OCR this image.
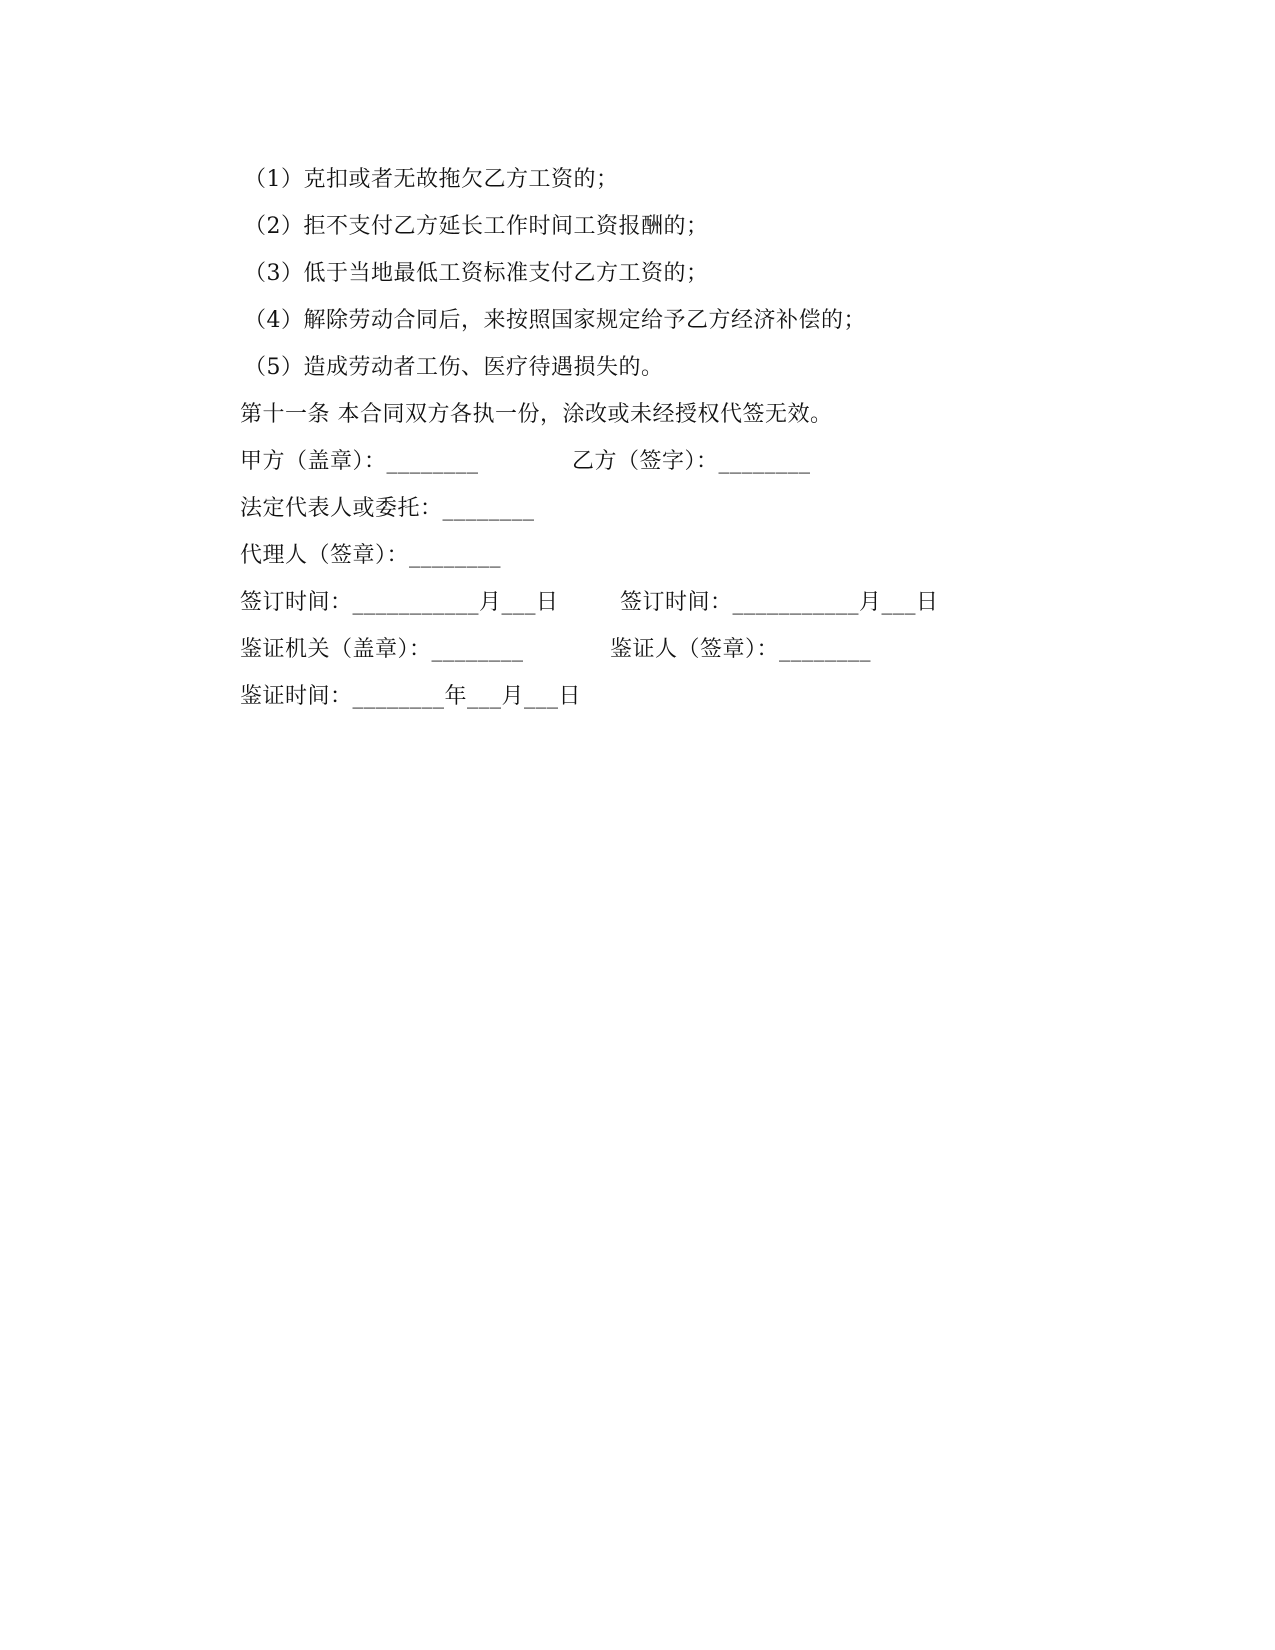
（1）克扣或者无故拖欠乙方工资的；
（2）拒不支付乙方延长工作时间工资报酬的；
（3）低于当地最低工资标准支付乙方工资的；
（4）解除劳动合同后，来按照国家规定给予乙方经济补偿的；
（5）造成劳动者工伤、医疗待遇损失的。
第十一条 本合同双方各执一份，涂改或未经授权代签无效。
甲方（盖章）：________	乙方（签字）：________
法定代表人或委托：________
代理人（签章）：________
签订时间：___________月___日	签订时间：___________月___日
鉴证机关（盖章）：________	鉴证人（签章）：________
鉴证时间：________年___月___日
